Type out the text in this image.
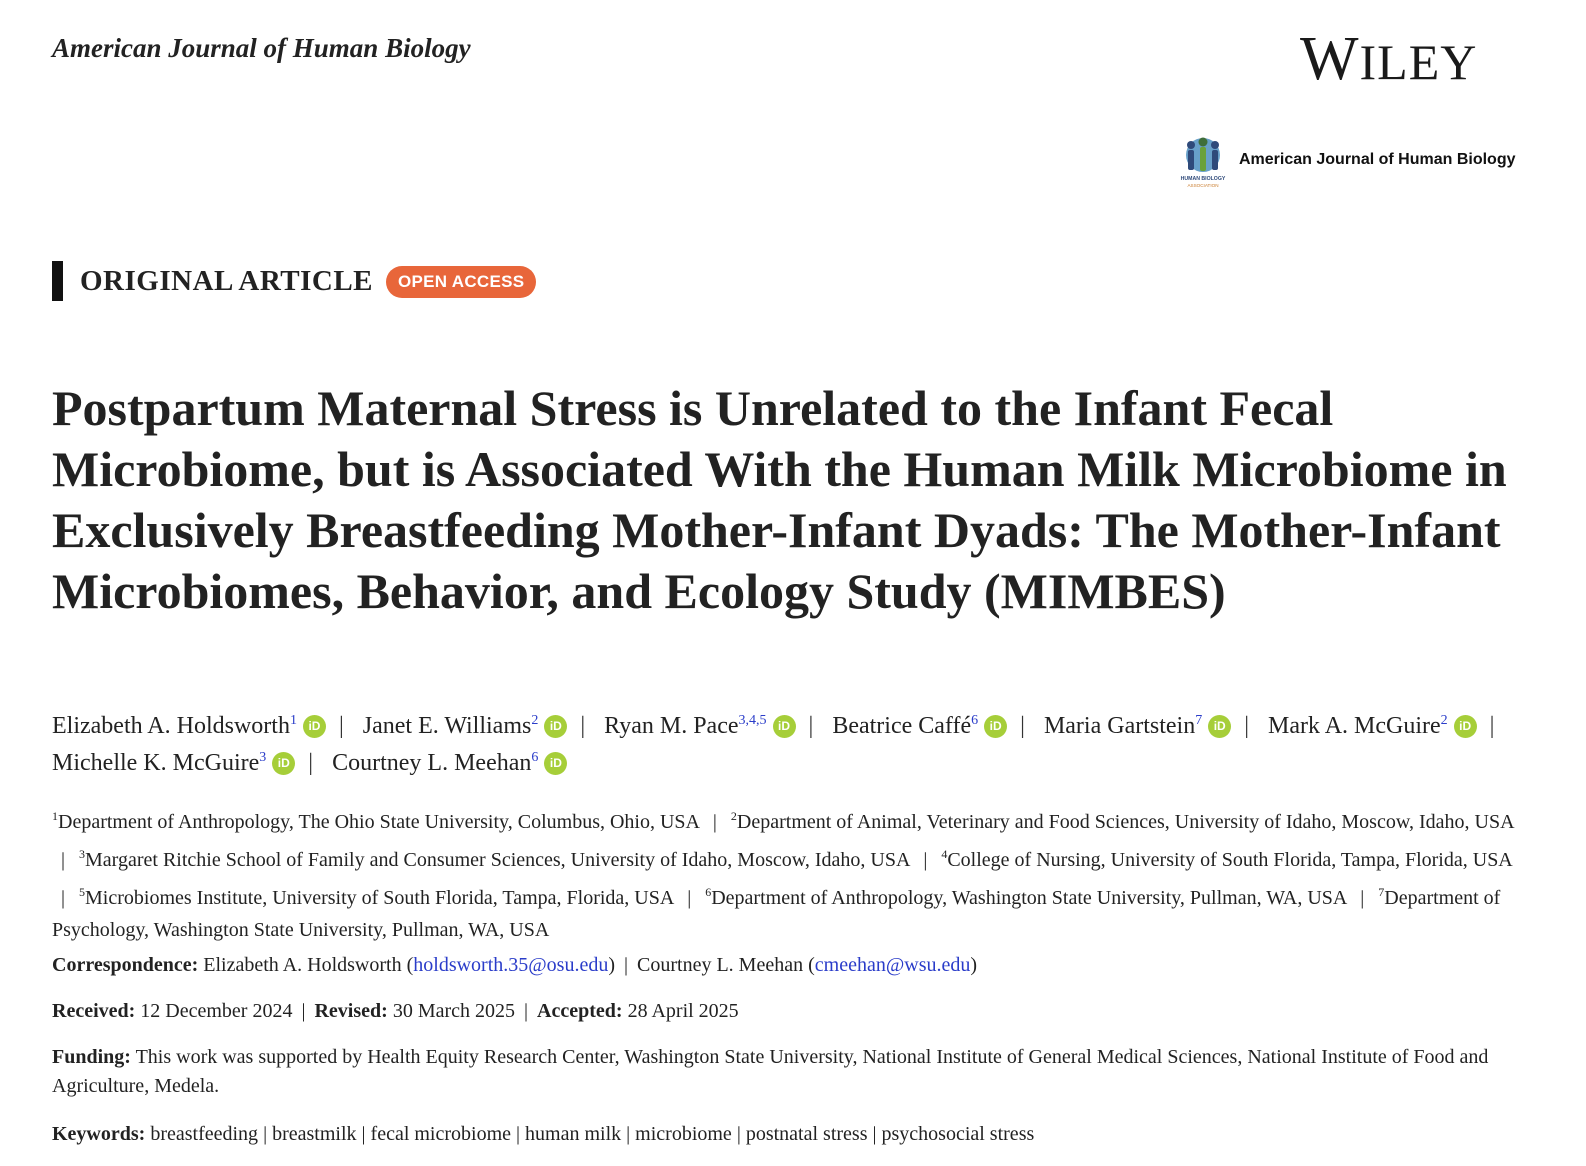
American Journal of Human Biology	WILEY
HUMAN BIOLOGY
ASSOCIATION
American Journal of Human Biology
ORIGINAL ARTICLE	OPEN ACCESS
Postpartum Maternal Stress is Unrelated to the Infant Fecal Microbiome, but is Associated With the Human Milk Microbiome in Exclusively Breastfeeding Mother-Infant Dyads: The Mother-Infant Microbiomes, Behavior, and Ecology Study (MIMBES)
Elizabeth A. Holdsworth$^1$ iD | Janet E. Williams$^2$ iD | Ryan M. Pace$^{3,4,5}$ iD | Beatrice Caffé$^6$ iD | Maria Gartstein$^7$ iD | Mark A. McGuire$^2$ iD | Michelle K. McGuire$^3$ iD | Courtney L. Meehan$^6$ iD
$^1$Department of Anthropology, The Ohio State University, Columbus, Ohio, USA | $^2$Department of Animal, Veterinary and Food Sciences, University of Idaho, Moscow, Idaho, USA | $^3$Margaret Ritchie School of Family and Consumer Sciences, University of Idaho, Moscow, Idaho, USA | $^4$College of Nursing, University of South Florida, Tampa, Florida, USA | $^5$Microbiomes Institute, University of South Florida, Tampa, Florida, USA | $^6$Department of Anthropology, Washington State University, Pullman, WA, USA | $^7$Department of Psychology, Washington State University, Pullman, WA, USA
Correspondence: Elizabeth A. Holdsworth (holdsworth.35@osu.edu) | Courtney L. Meehan (cmeehan@wsu.edu)
Received: 12 December 2024 | Revised: 30 March 2025 | Accepted: 28 April 2025
Funding: This work was supported by Health Equity Research Center, Washington State University, National Institute of General Medical Sciences, National Institute of Food and Agriculture, Medela.
Keywords: breastfeeding | breastmilk | fecal microbiome | human milk | microbiome | postnatal stress | psychosocial stress
